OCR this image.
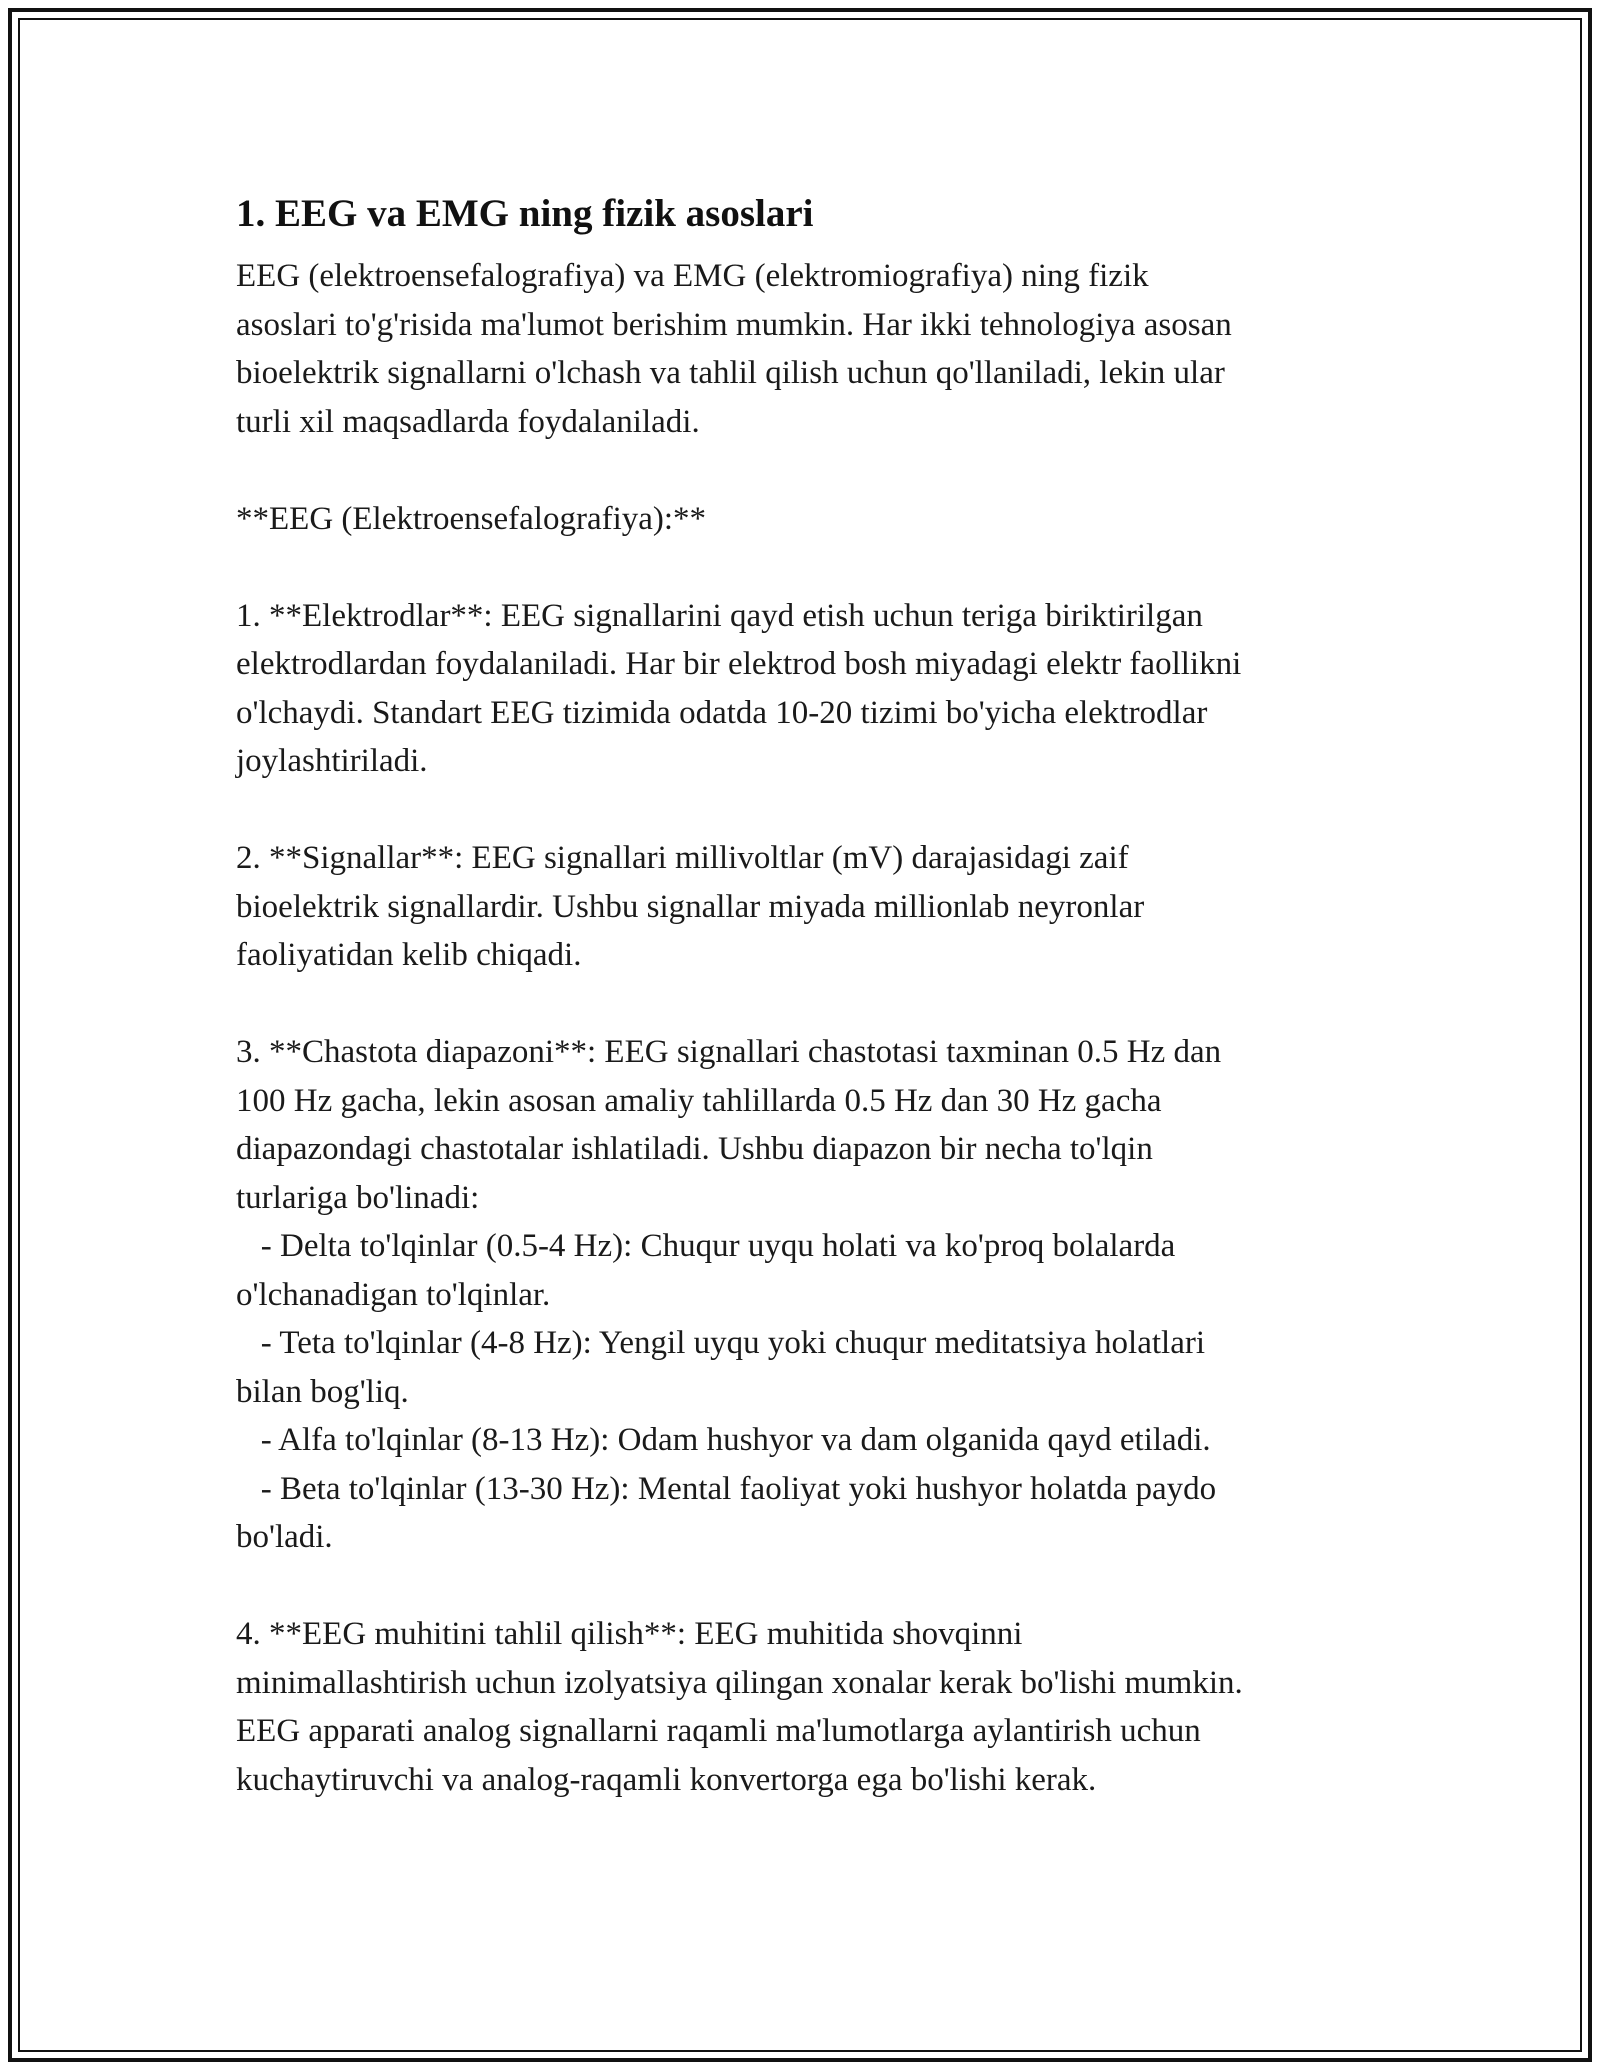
1. EEG va EMG ning fizik asoslari
EEG (elektroensefalografiya) va EMG (elektromiografiya) ning fizik
asoslari to'g'risida ma'lumot berishim mumkin. Har ikki tehnologiya asosan
bioelektrik signallarni o'lchash va tahlil qilish uchun qo'llaniladi, lekin ular
turli xil maqsadlarda foydalaniladi.
**EEG (Elektroensefalografiya):**
1. **Elektrodlar**: EEG signallarini qayd etish uchun teriga biriktirilgan
elektrodlardan foydalaniladi. Har bir elektrod bosh miyadagi elektr faollikni
o'lchaydi. Standart EEG tizimida odatda 10-20 tizimi bo'yicha elektrodlar
joylashtiriladi.
2. **Signallar**: EEG signallari millivoltlar (mV) darajasidagi zaif
bioelektrik signallardir. Ushbu signallar miyada millionlab neyronlar
faoliyatidan kelib chiqadi.
3. **Chastota diapazoni**: EEG signallari chastotasi taxminan 0.5 Hz dan
100 Hz gacha, lekin asosan amaliy tahlillarda 0.5 Hz dan 30 Hz gacha
diapazondagi chastotalar ishlatiladi. Ushbu diapazon bir necha to'lqin
turlariga bo'linadi:
- Delta to'lqinlar (0.5-4 Hz): Chuqur uyqu holati va ko'proq bolalarda
o'lchanadigan to'lqinlar.
- Teta to'lqinlar (4-8 Hz): Yengil uyqu yoki chuqur meditatsiya holatlari
bilan bog'liq.
- Alfa to'lqinlar (8-13 Hz): Odam hushyor va dam olganida qayd etiladi.
- Beta to'lqinlar (13-30 Hz): Mental faoliyat yoki hushyor holatda paydo
bo'ladi.
4. **EEG muhitini tahlil qilish**: EEG muhitida shovqinni
minimallashtirish uchun izolyatsiya qilingan xonalar kerak bo'lishi mumkin.
EEG apparati analog signallarni raqamli ma'lumotlarga aylantirish uchun
kuchaytiruvchi va analog-raqamli konvertorga ega bo'lishi kerak.
